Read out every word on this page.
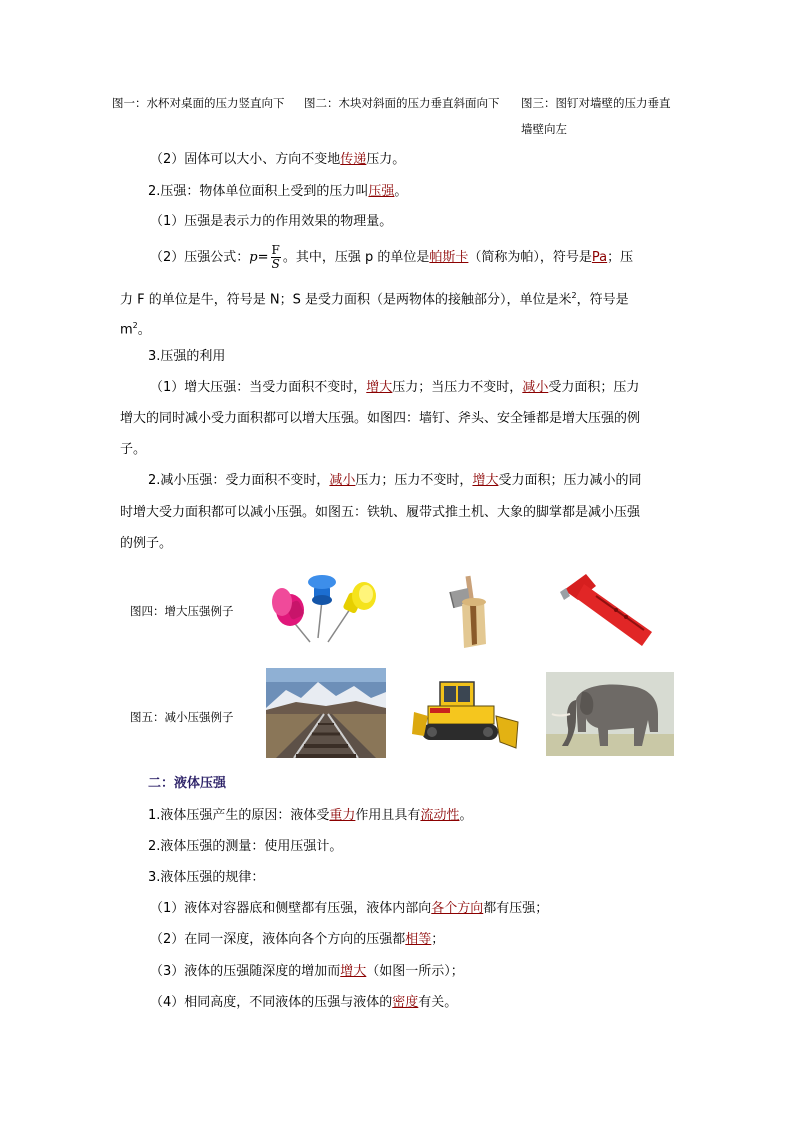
图一：水杯对桌面的压力竖直向下 图二：木块对斜面的压力垂直斜面向下 图三：图钉对墙壁的压力垂直
墙壁向左
（2）固体可以大小、方向不变地传递压力。
2.压强：物体单位面积上受到的压力叫压强。
（1）压强是表示力的作用效果的物理量。
（2）压强公式：$p= \frac{F}{S}$ 。其中，压强 p 的单位是帕斯卡（简称为帕），符号是Pa；压
力 F 的单位是牛，符号是 N；S 是受力面积（是两物体的接触部分），单位是米$^2$，符号是
$m^2$。
3.压强的利用
（1）增大压强：当受力面积不变时，增大压力；当压力不变时，减小受力面积；压力
增大的同时减小受力面积都可以增大压强。如图四：墙钉、斧头、安全锤都是增大压强的例
子。
2.减小压强：受力面积不变时，减小压力；压力不变时，增大受力面积；压力减小的同
时增大受力面积都可以减小压强。如图五：铁轨、履带式推土机、大象的脚掌都是减小压强
的例子。
图四：增大压强例子
图五：减小压强例子
二：液体压强
1.液体压强产生的原因：液体受重力作用且具有流动性。
2.液体压强的测量：使用压强计。
3.液体压强的规律：
（1）液体对容器底和侧壁都有压强，液体内部向各个方向都有压强；
（2）在同一深度，液体向各个方向的压强都相等；
（3）液体的压强随深度的增加而增大（如图一所示）；
（4）相同高度，不同液体的压强与液体的密度有关。
